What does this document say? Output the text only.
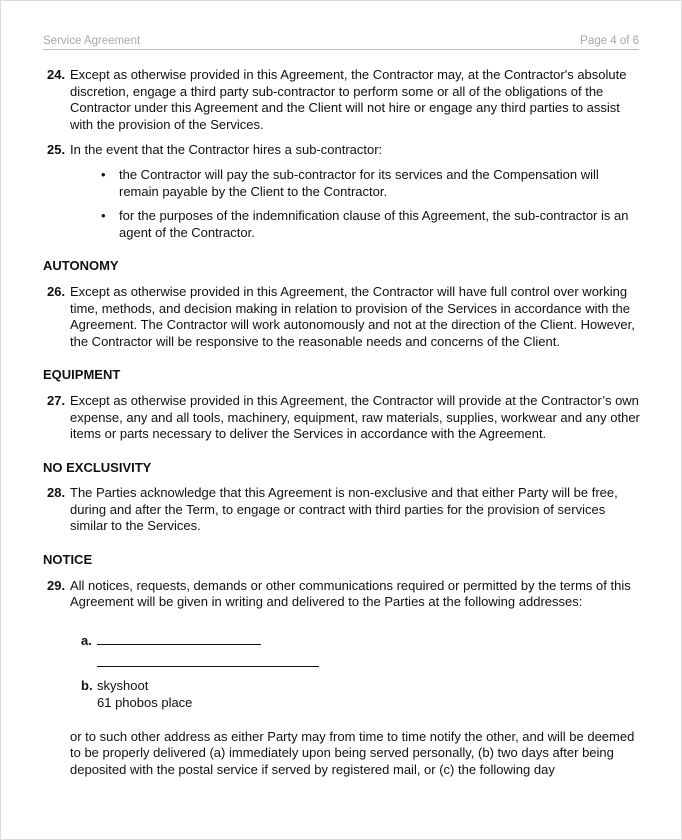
Service Agreement	Page 4 of 6
24. Except as otherwise provided in this Agreement, the Contractor may, at the Contractor's absolute discretion, engage a third party sub-contractor to perform some or all of the obligations of the Contractor under this Agreement and the Client will not hire or engage any third parties to assist with the provision of the Services.
25. In the event that the Contractor hires a sub-contractor:
• the Contractor will pay the sub-contractor for its services and the Compensation will remain payable by the Client to the Contractor.
• for the purposes of the indemnification clause of this Agreement, the sub-contractor is an agent of the Contractor.
AUTONOMY
26. Except as otherwise provided in this Agreement, the Contractor will have full control over working time, methods, and decision making in relation to provision of the Services in accordance with the Agreement. The Contractor will work autonomously and not at the direction of the Client. However, the Contractor will be responsive to the reasonable needs and concerns of the Client.
EQUIPMENT
27. Except as otherwise provided in this Agreement, the Contractor will provide at the Contractor’s own expense, any and all tools, machinery, equipment, raw materials, supplies, workwear and any other items or parts necessary to deliver the Services in accordance with the Agreement.
NO EXCLUSIVITY
28. The Parties acknowledge that this Agreement is non-exclusive and that either Party will be free, during and after the Term, to engage or contract with third parties for the provision of services similar to the Services.
NOTICE
29. All notices, requests, demands or other communications required or permitted by the terms of this Agreement will be given in writing and delivered to the Parties at the following addresses:
a.
b. skyshoot
61 phobos place
or to such other address as either Party may from time to time notify the other, and will be deemed to be properly delivered (a) immediately upon being served personally, (b) two days after being deposited with the postal service if served by registered mail, or (c) the following day
